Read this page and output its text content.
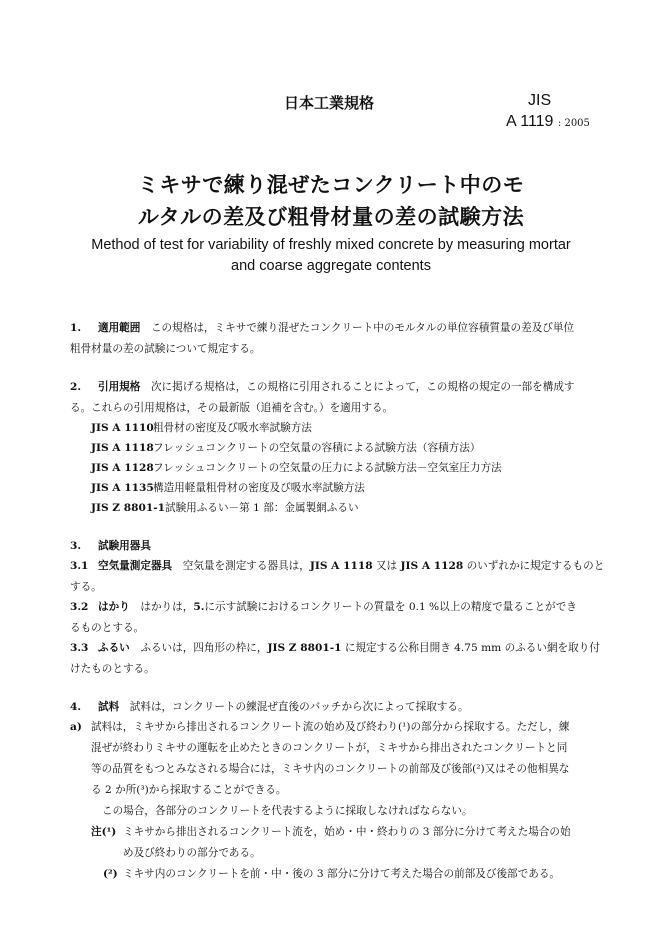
日本工業規格	JIS
A 1119 : 2005
ミキサで練り混ぜたコンクリート中のモ
ルタルの差及び粗骨材量の差の試験方法
Method of test for variability of freshly mixed concrete by measuring mortar
and coarse aggregate contents
1. 適用範囲　 この規格は，ミキサで練り混ぜたコンクリート中のモルタルの単位容積質量の差及び単位
粗骨材量の差の試験について規定する。
2. 引用規格　 次に掲げる規格は，この規格に引用されることによって，この規格の規定の一部を構成す
る。これらの引用規格は，その最新版（追補を含む。）を適用する。
JIS A 1110粗骨材の密度及び吸水率試験方法
JIS A 1118フレッシュコンクリートの空気量の容積による試験方法（容積方法）
JIS A 1128フレッシュコンクリートの空気量の圧力による試験方法－空気室圧力方法
JIS A 1135構造用軽量粗骨材の密度及び吸水率試験方法
JIS Z 8801-1試験用ふるい－第 1 部：金属製網ふるい
3. 試験用器具
3.1 空気量測定器具　 空気量を測定する器具は，JIS A 1118 又は JIS A 1128 のいずれかに規定するものと
する。
3.2 はかり　 はかりは，5.に示す試験におけるコンクリートの質量を 0.1 %以上の精度で量ることができ
るものとする。
3.3 ふるい　 ふるいは，四角形の枠に，JIS Z 8801-1 に規定する公称目開き 4.75 mm のふるい網を取り付
けたものとする。
4. 試料　 試料は，コンクリートの練混ぜ直後のバッチから次によって採取する。
a) 試料は，ミキサから排出されるコンクリート流の始め及び終わり(¹)の部分から採取する。ただし，練
混ぜが終わりミキサの運転を止めたときのコンクリートが，ミキサから排出されたコンクリートと同
等の品質をもつとみなされる場合には，ミキサ内のコンクリートの前部及び後部(²)又はその他相異な
る 2 か所(³)から採取することができる。
この場合，各部分のコンクリートを代表するように採取しなければならない。
注(¹) ミキサから排出されるコンクリート流を，始め・中・終わりの 3 部分に分けて考えた場合の始
め及び終わりの部分である。
(²) ミキサ内のコンクリートを前・中・後の 3 部分に分けて考えた場合の前部及び後部である。
